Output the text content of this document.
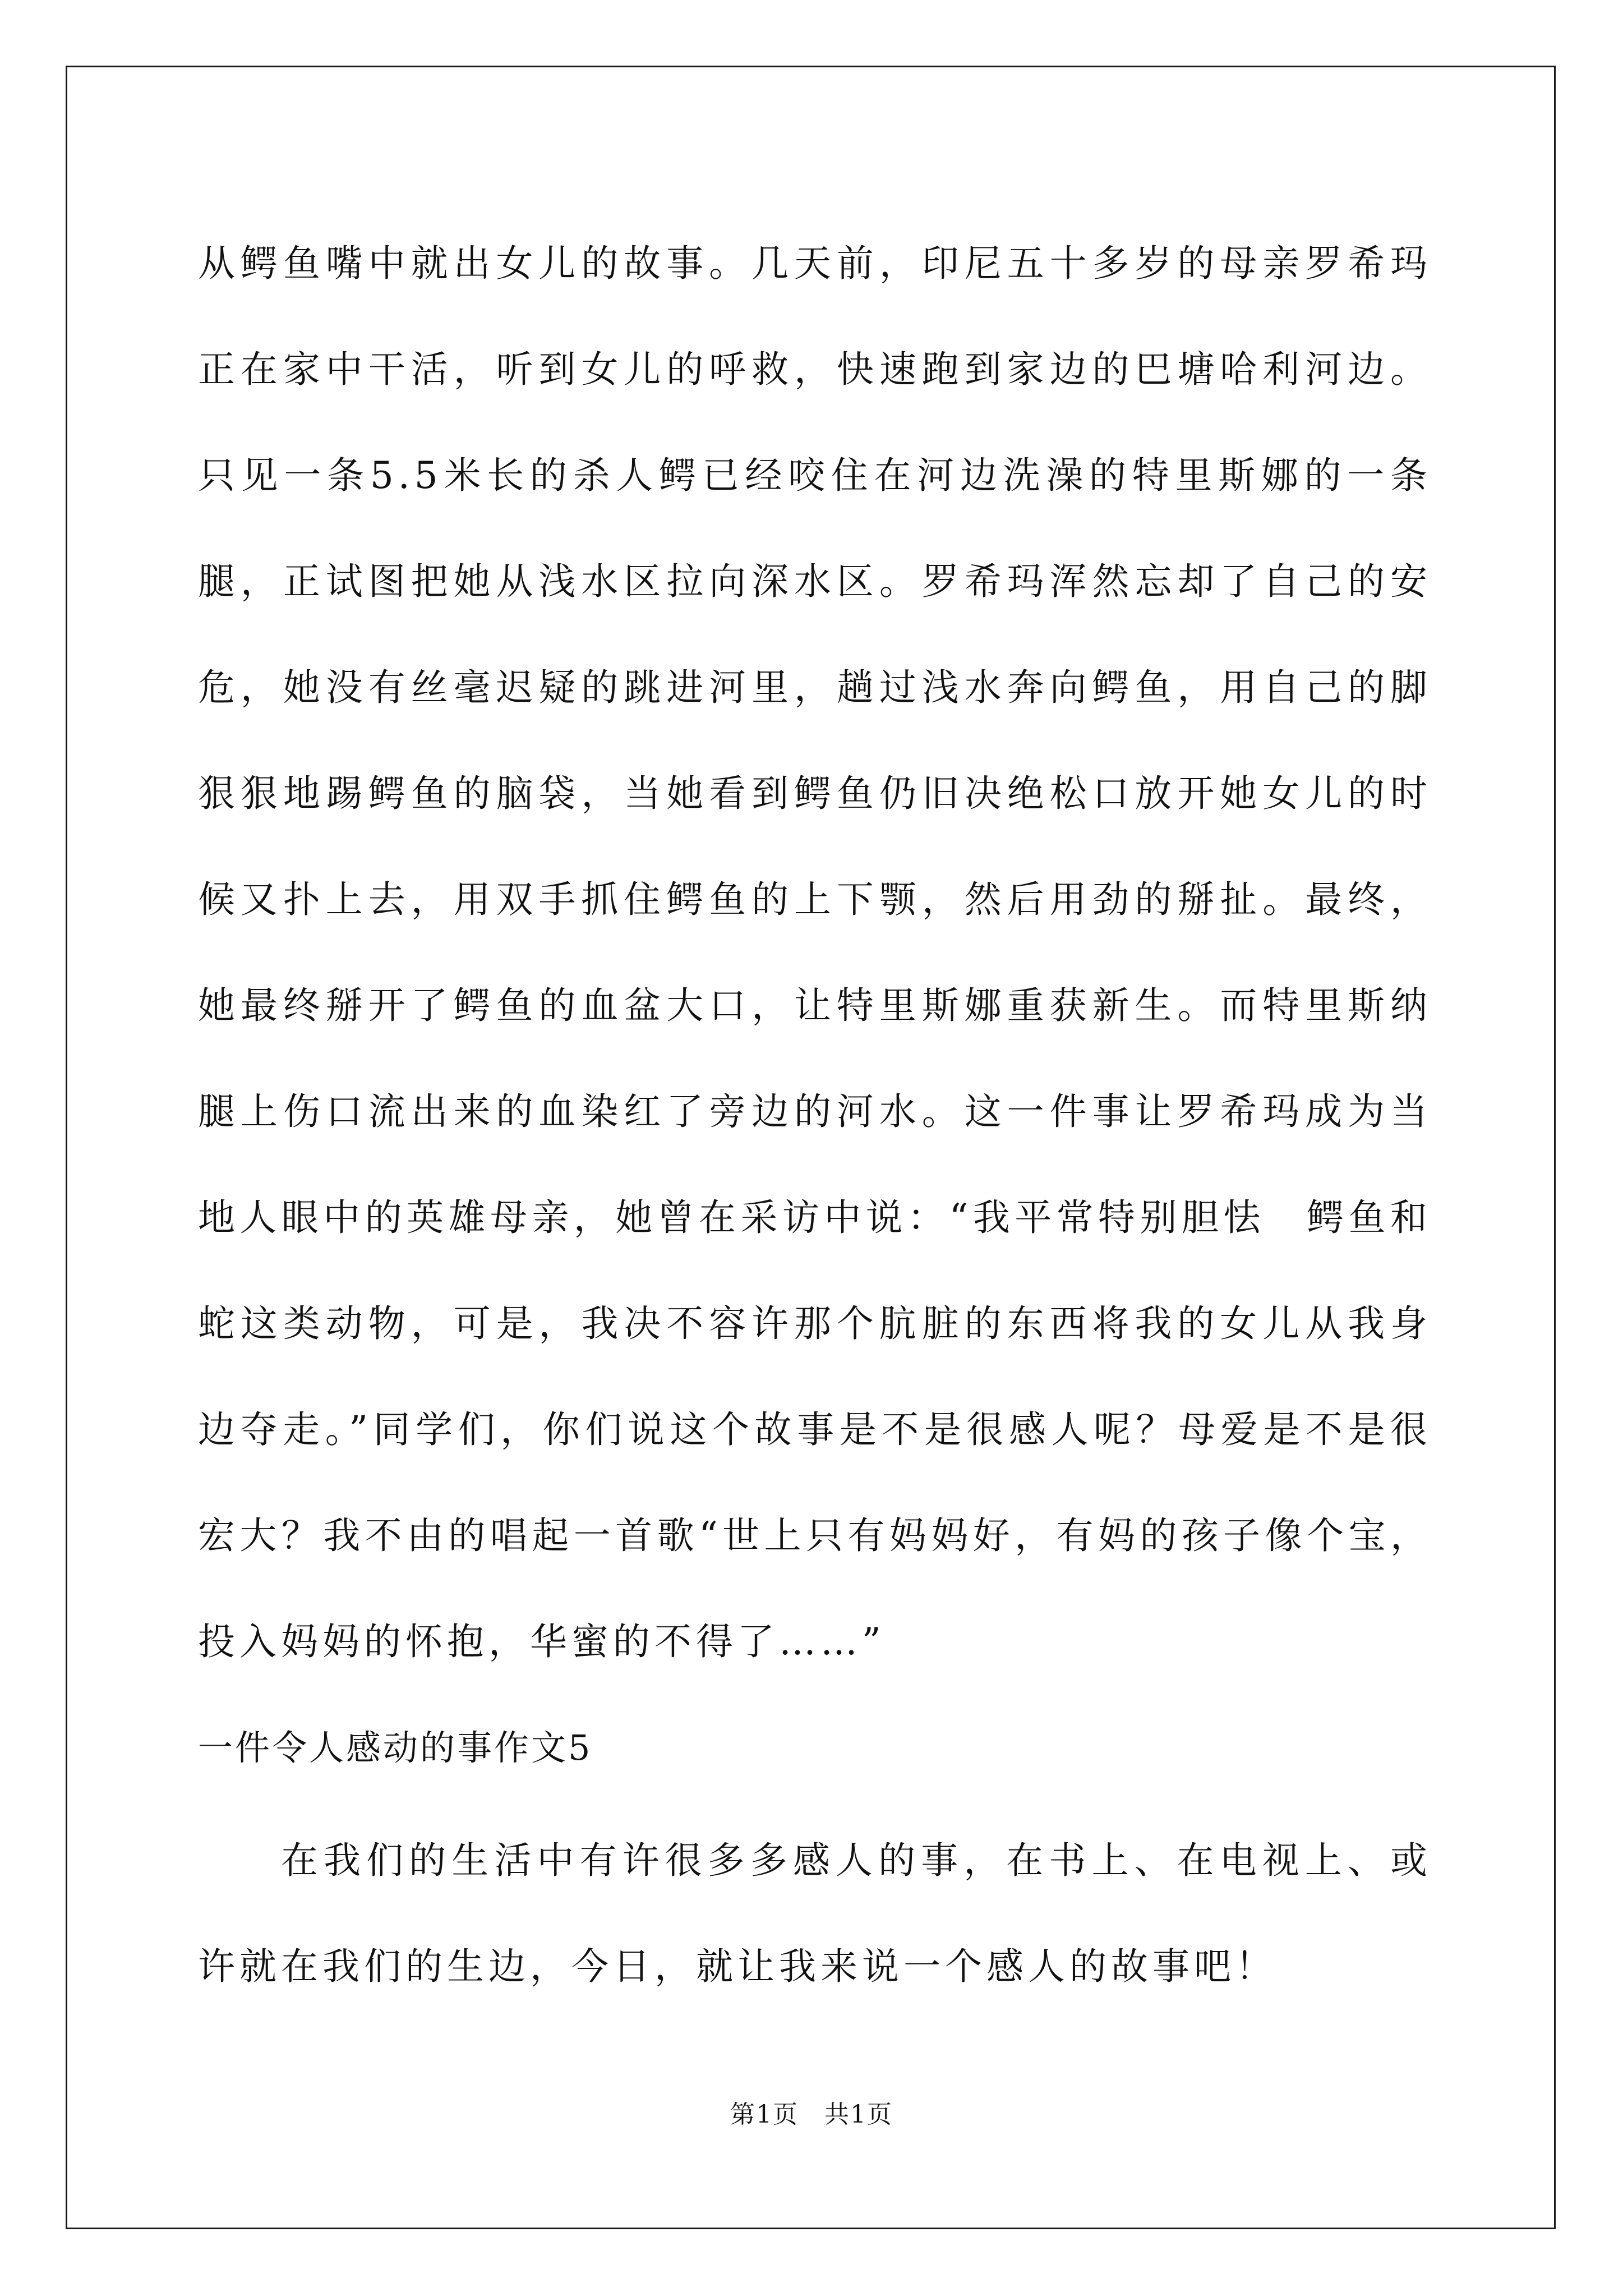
从鳄鱼嘴中就出女儿的故事。几天前，印尼五十多岁的母亲罗希玛正在家中干活，听到女儿的呼救，快速跑到家边的巴塘哈利河边。只见一条5.5米长的杀人鳄已经咬住在河边洗澡的特里斯娜的一条腿，正试图把她从浅水区拉向深水区。罗希玛浑然忘却了自己的安危，她没有丝毫迟疑的跳进河里，趟过浅水奔向鳄鱼，用自己的脚狠狠地踢鳄鱼的脑袋，当她看到鳄鱼仍旧决绝松口放开她女儿的时候又扑上去，用双手抓住鳄鱼的上下颚，然后用劲的掰扯。最终，她最终掰开了鳄鱼的血盆大口，让特里斯娜重获新生。而特里斯纳腿上伤口流出来的血染红了旁边的河水。这一件事让罗希玛成为当地人眼中的英雄母亲，她曾在采访中说：“我平常特别胆怯　鳄鱼和蛇这类动物，可是，我决不容许那个肮脏的东西将我的女儿从我身边夺走。”同学们，你们说这个故事是不是很感人呢？母爱是不是很宏大？我不由的唱起一首歌“世上只有妈妈好，有妈的孩子像个宝，投入妈妈的怀抱，华蜜的不得了……”

一件令人感动的事作文5

在我们的生活中有许很多多感人的事，在书上、在电视上、或许就在我们的生边，今日，就让我来说一个感人的故事吧！

第1页　共1页
